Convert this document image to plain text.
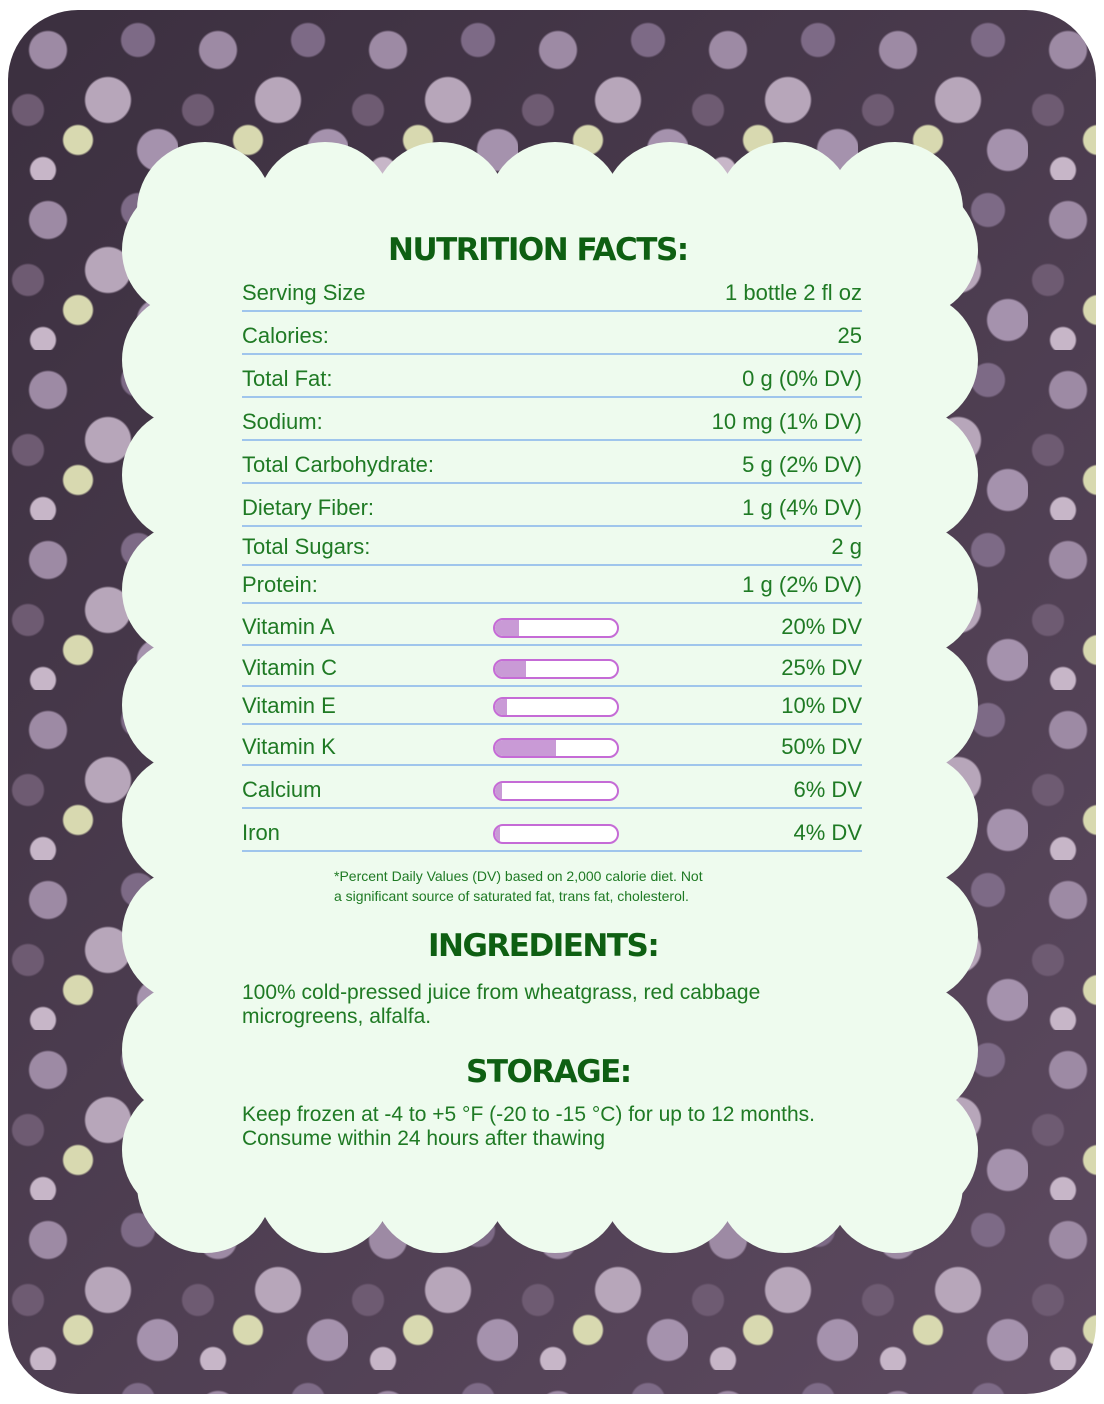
NUTRITION FACTS:
Serving Size	1 bottle 2 fl oz
Calories:	25
Total Fat:	0 g (0% DV)
Sodium:	10 mg (1% DV)
Total Carbohydrate:	5 g (2% DV)
Dietary Fiber:	1 g (4% DV)
Total Sugars:	2 g
Protein:	1 g (2% DV)
Vitamin A	20% DV
Vitamin C	25% DV
Vitamin E	10% DV
Vitamin K	50% DV
Calcium	6% DV
Iron	4% DV
*Percent Daily Values (DV) based on 2,000 calorie diet. Not
a significant source of saturated fat, trans fat, cholesterol.
INGREDIENTS:
100% cold-pressed juice from wheatgrass, red cabbage
microgreens, alfalfa.
STORAGE:
Keep frozen at -4 to +5 °F (-20 to -15 °C) for up to 12 months.
Consume within 24 hours after thawing
